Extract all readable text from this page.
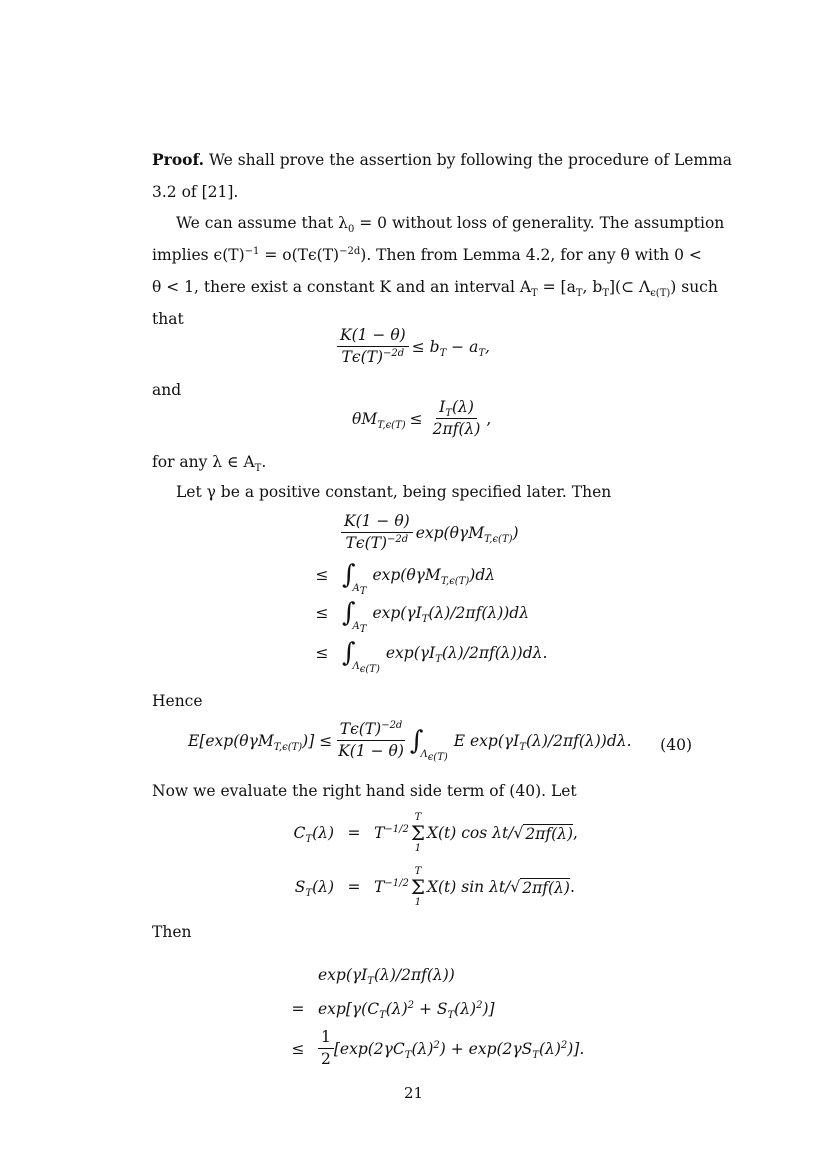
Proof. We shall prove the assertion by following the procedure of Lemma
3.2 of [21].
We can assume that $\lambda_0 = 0$ without loss of generality. The assumption
implies $\epsilon(T)^{-1} = o(T\epsilon(T)^{-2d})$. Then from Lemma 4.2, for any θ with 0 <
θ < 1, there exist a constant K and an interval $A_T = [a_T$, $b_T](\subset$ $\Lambda_{\epsilon(T)}$) such
that
$\frac{K(1 - \theta)}{T\epsilon(T)^{-2d}} \le b_T - a_T$,
and
$\theta M_{T,\epsilon(T)} \le \frac{I_T(\lambda)}{2\pi f(\lambda)}$ ,
for any λ ∈ $A_T$.
Let γ be a positive constant, being specified later. Then
$\frac{K(1 - \theta)}{T\epsilon(T)^{-2d}} \exp(\theta\gamma M_{T,\epsilon(T)})$
≤ ∫
$A_T$
exp(θγM$_{T,\epsilon(T)}$)dλ
≤ ∫
$A_T$
$\exp(\gamma I_T(\lambda)/2\pi f(\lambda))d\lambda$
≤ ∫
$\Lambda_{\epsilon(T)}$
$\exp(\gamma I_T(\lambda)/2\pi f(\lambda))d\lambda$.
Hence
$E[\exp(\theta\gamma M_{T,\epsilon(T)})] \le \frac{T\epsilon(T)^{-2d}}{K(1 - \theta)}$ ∫
$\Lambda_{\epsilon(T)}$
E $\exp(\gamma I_T(\lambda)/2\pi f(\lambda))d\lambda$.	(40)
Now we evaluate the right hand side term of (40). Let
$C_T(\lambda) = T^{-1/2}$
T
Σ
1
X(t) cos λt/ √ 2πf(λ) ,
$S_T(\lambda) = T^{-1/2}$
T
Σ
1
X(t) sin λt/ √ 2πf(λ) .
Then
$\exp(\gamma I_T(\lambda)/2\pi f(\lambda))$
= $\exp[\gamma(C_T(\lambda)^2 + S_T(\lambda)^2)]$
≤ $\frac{1}{2} [\exp(2\gamma C_T(\lambda)^2) + \exp(2\gamma S_T(\lambda)^2)]$.
21
